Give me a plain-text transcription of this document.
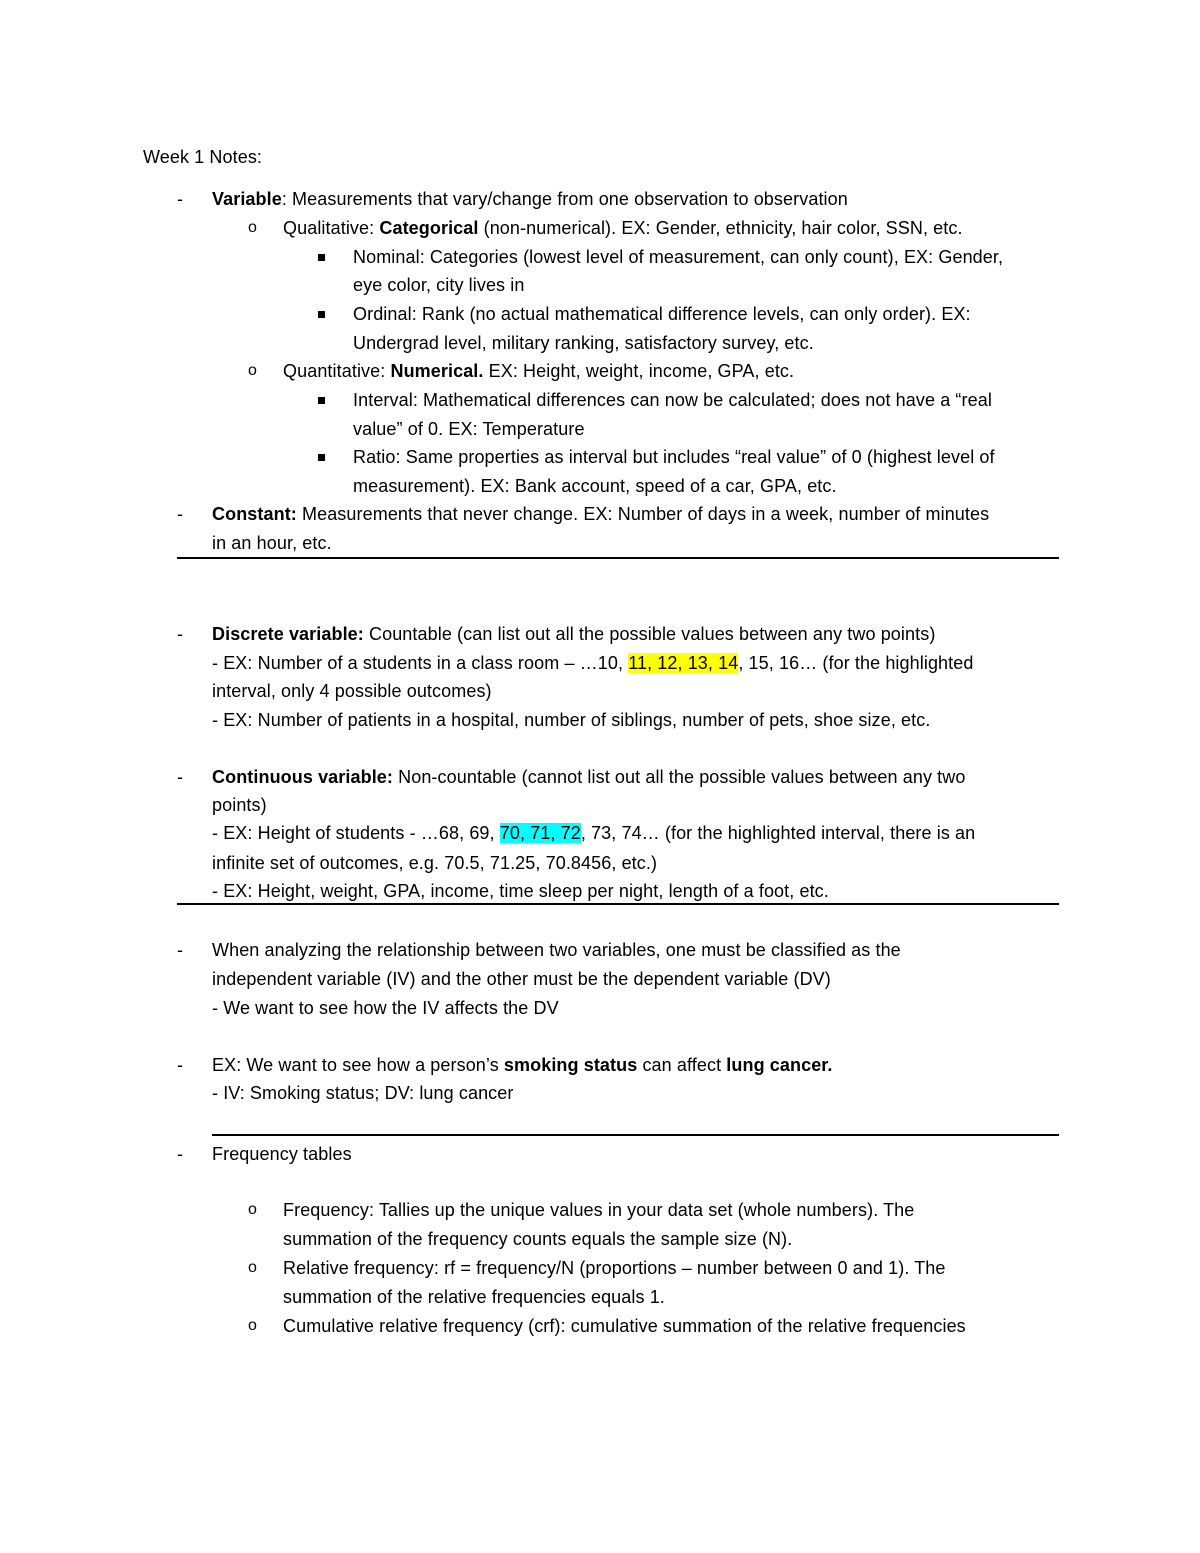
Week 1 Notes:
- Variable: Measurements that vary/change from one observation to observation
o Qualitative: Categorical (non-numerical). EX: Gender, ethnicity, hair color, SSN, etc.
Nominal: Categories (lowest level of measurement, can only count), EX: Gender,
eye color, city lives in
Ordinal: Rank (no actual mathematical difference levels, can only order). EX:
Undergrad level, military ranking, satisfactory survey, etc.
o Quantitative: Numerical. EX: Height, weight, income, GPA, etc.
Interval: Mathematical differences can now be calculated; does not have a “real
value” of 0. EX: Temperature
Ratio: Same properties as interval but includes “real value” of 0 (highest level of
measurement). EX: Bank account, speed of a car, GPA, etc.
- Constant: Measurements that never change. EX: Number of days in a week, number of minutes
in an hour, etc.
- Discrete variable: Countable (can list out all the possible values between any two points)
- EX: Number of a students in a class room – …10, 11, 12, 13, 14, 15, 16… (for the highlighted
interval, only 4 possible outcomes)
- EX: Number of patients in a hospital, number of siblings, number of pets, shoe size, etc.
- Continuous variable: Non-countable (cannot list out all the possible values between any two
points)
- EX: Height of students - …68, 69, 70, 71, 72, 73, 74… (for the highlighted interval, there is an
infinite set of outcomes, e.g. 70.5, 71.25, 70.8456, etc.)
- EX: Height, weight, GPA, income, time sleep per night, length of a foot, etc.
- When analyzing the relationship between two variables, one must be classified as the
independent variable (IV) and the other must be the dependent variable (DV)
- We want to see how the IV affects the DV
- EX: We want to see how a person’s smoking status can affect lung cancer.
- IV: Smoking status; DV: lung cancer
- Frequency tables
o Frequency: Tallies up the unique values in your data set (whole numbers). The
summation of the frequency counts equals the sample size (N).
o Relative frequency: rf = frequency/N (proportions – number between 0 and 1). The
summation of the relative frequencies equals 1.
o Cumulative relative frequency (crf): cumulative summation of the relative frequencies
